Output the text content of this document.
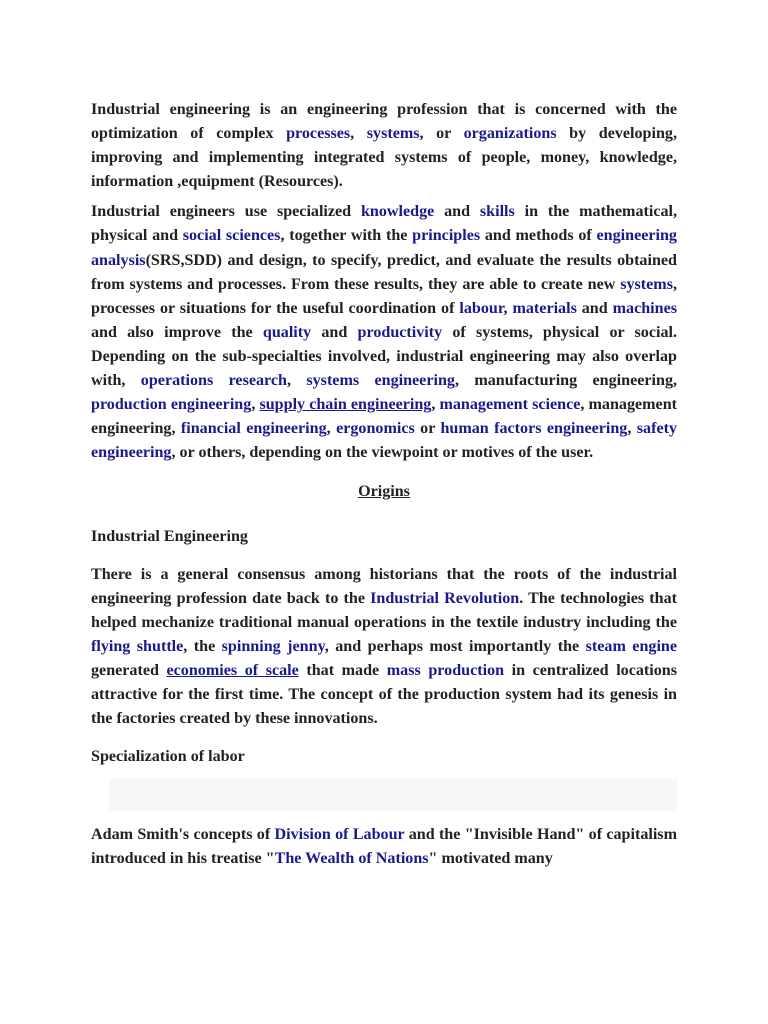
Industrial engineering is an engineering profession that is concerned with the optimization of complex processes, systems, or organizations by developing, improving and implementing integrated systems of people, money, knowledge, information ,equipment (Resources).

Industrial engineers use specialized knowledge and skills in the mathematical, physical and social sciences, together with the principles and methods of engineering analysis(SRS,SDD) and design, to specify, predict, and evaluate the results obtained from systems and processes. From these results, they are able to create new systems, processes or situations for the useful coordination of labour, materials and machines and also improve the quality and productivity of systems, physical or social. Depending on the sub-specialties involved, industrial engineering may also overlap with, operations research, systems engineering, manufacturing engineering, production engineering, supply chain engineering, management science, management engineering, financial engineering, ergonomics or human factors engineering, safety engineering, or others, depending on the viewpoint or motives of the user.

Origins

Industrial Engineering

There is a general consensus among historians that the roots of the industrial engineering profession date back to the Industrial Revolution. The technologies that helped mechanize traditional manual operations in the textile industry including the flying shuttle, the spinning jenny, and perhaps most importantly the steam engine generated economies of scale that made mass production in centralized locations attractive for the first time. The concept of the production system had its genesis in the factories created by these innovations.

Specialization of labor

Adam Smith's concepts of Division of Labour and the "Invisible Hand" of capitalism introduced in his treatise "The Wealth of Nations" motivated many
